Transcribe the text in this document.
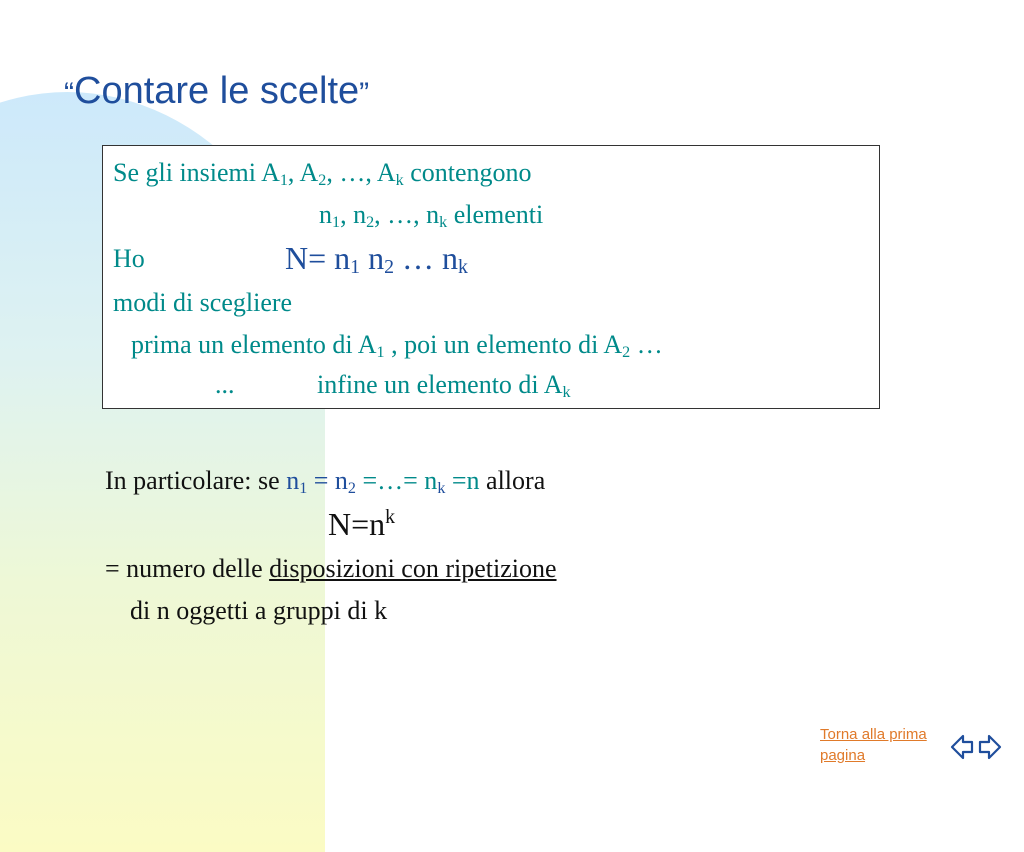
“Contare le scelte”
Se gli insiemi $A_1$, $A_2$, …, $A_k$ contengono
$n_1$, $n_2$, …, $n_k$ elementi
Ho	$N= n_1$ $n_2$ … $n_k$
modi di scegliere
prima un elemento di $A_1$ , poi un elemento di $A_2$ …
...	infine un elemento di $A_k$
In particolare: se $n_1 = n_2$ =…= $n_k =n$ allora
$N=n^k$
= numero delle disposizioni con ripetizione
di n oggetti a gruppi di k
Torna alla prima pagina
